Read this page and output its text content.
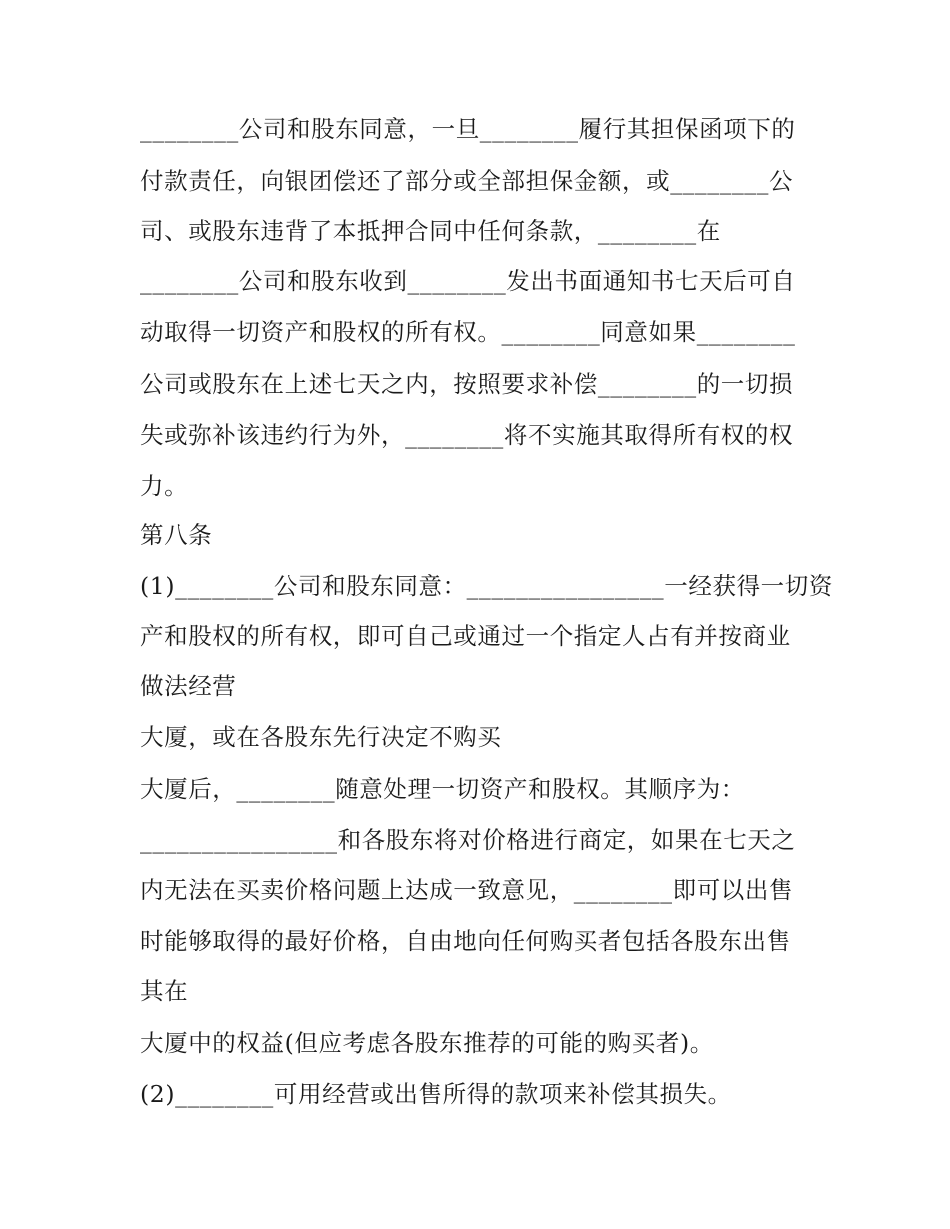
________公司和股东同意，一旦________履行其担保函项下的
付款责任，向银团偿还了部分或全部担保金额，或________公
司、或股东违背了本抵押合同中任何条款，________在
________公司和股东收到________发出书面通知书七天后可自
动取得一切资产和股权的所有权。________同意如果________
公司或股东在上述七天之内，按照要求补偿________的一切损
失或弥补该违约行为外，________将不实施其取得所有权的权
力。
第八条
(1)________公司和股东同意：________________一经获得一切资
产和股权的所有权，即可自己或通过一个指定人占有并按商业
做法经营
大厦，或在各股东先行决定不购买
大厦后，________随意处理一切资产和股权。其顺序为：
________________和各股东将对价格进行商定，如果在七天之
内无法在买卖价格问题上达成一致意见，________即可以出售
时能够取得的最好价格，自由地向任何购买者包括各股东出售
其在
大厦中的权益(但应考虑各股东推荐的可能的购买者)。
(2)________可用经营或出售所得的款项来补偿其损失。
